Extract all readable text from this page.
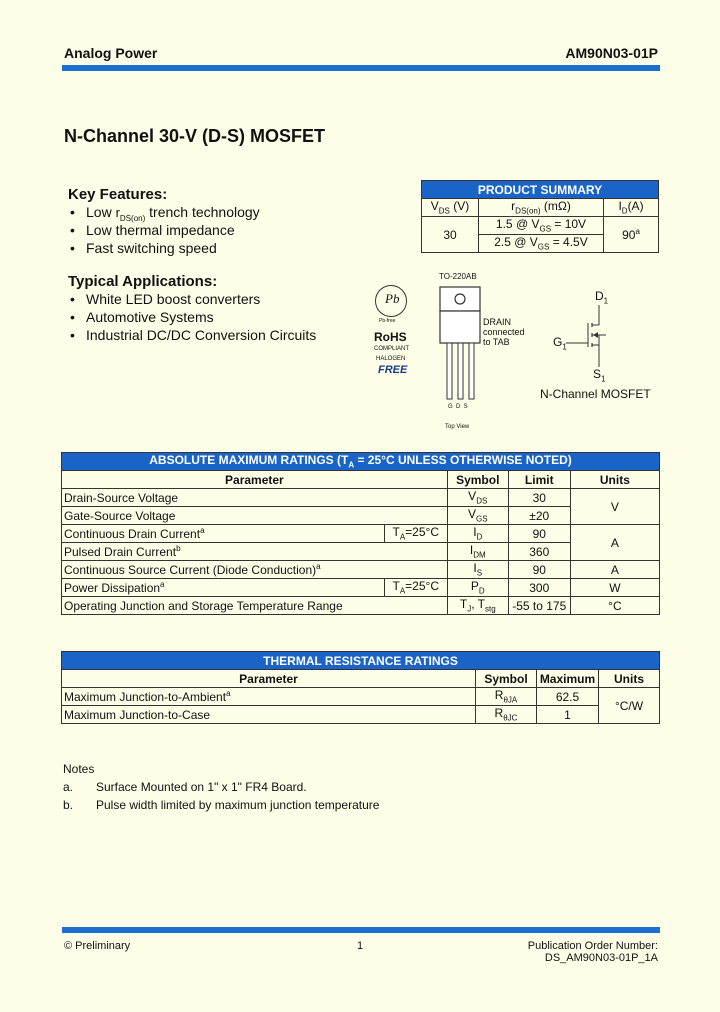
Analog Power	AM90N03-01P
N-Channel 30-V (D-S) MOSFET
Key Features:
• Low $r_{DS(on)}$ trench technology
• Low thermal impedance
• Fast switching speed
Typical Applications:
• White LED boost converters
• Automotive Systems
• Industrial DC/DC Conversion Circuits
PRODUCT SUMMARY		
$V_{DS}$ (V)	$r_{DS(on)}$ (mΩ)	$I_D(A)$
30	1.5 @ $V_{GS} = 10V$	90$^a$
	2.5 @ $V_{GS} = 4.5V$	
Pb
Pb-free
RoHS
COMPLIANT
HALOGEN
FREE
TO-220AB
DRAIN
connected
to TAB
G  D  S
Top View
$D_1$
$G_1$
$S_1$
N-Channel MOSFET
ABSOLUTE MAXIMUM RATINGS ($T_A = 25^\circ C$ UNLESS OTHERWISE NOTED)				
Parameter		Symbol	Limit	Units
Drain-Source Voltage		$V_{DS}$	30	V
Gate-Source Voltage		$V_{GS}$	±20	
Continuous Drain Current$^a$	$T_A=25^\circ C$	$I_D$	90	A
Pulsed Drain Current$^b$		$I_{DM}$	360	
Continuous Source Current (Diode Conduction)$^a$		$I_S$	90	A
Power Dissipation$^a$	$T_A=25^\circ C$	$P_D$	300	W
Operating Junction and Storage Temperature Range		$T_J$, $T_{stg}$	-55 to 175	°C
THERMAL RESISTANCE RATINGS			
Parameter	Symbol	Maximum	Units
Maximum Junction-to-Ambient$^a$	$R_{\theta JA}$	62.5	°C/W
Maximum Junction-to-Case	$R_{\theta JC}$	1	
Notes
a. Surface Mounted on 1" x 1" FR4 Board.
b. Pulse width limited by maximum junction temperature
© Preliminary	1	Publication Order Number:
DS_AM90N03-01P_1A
